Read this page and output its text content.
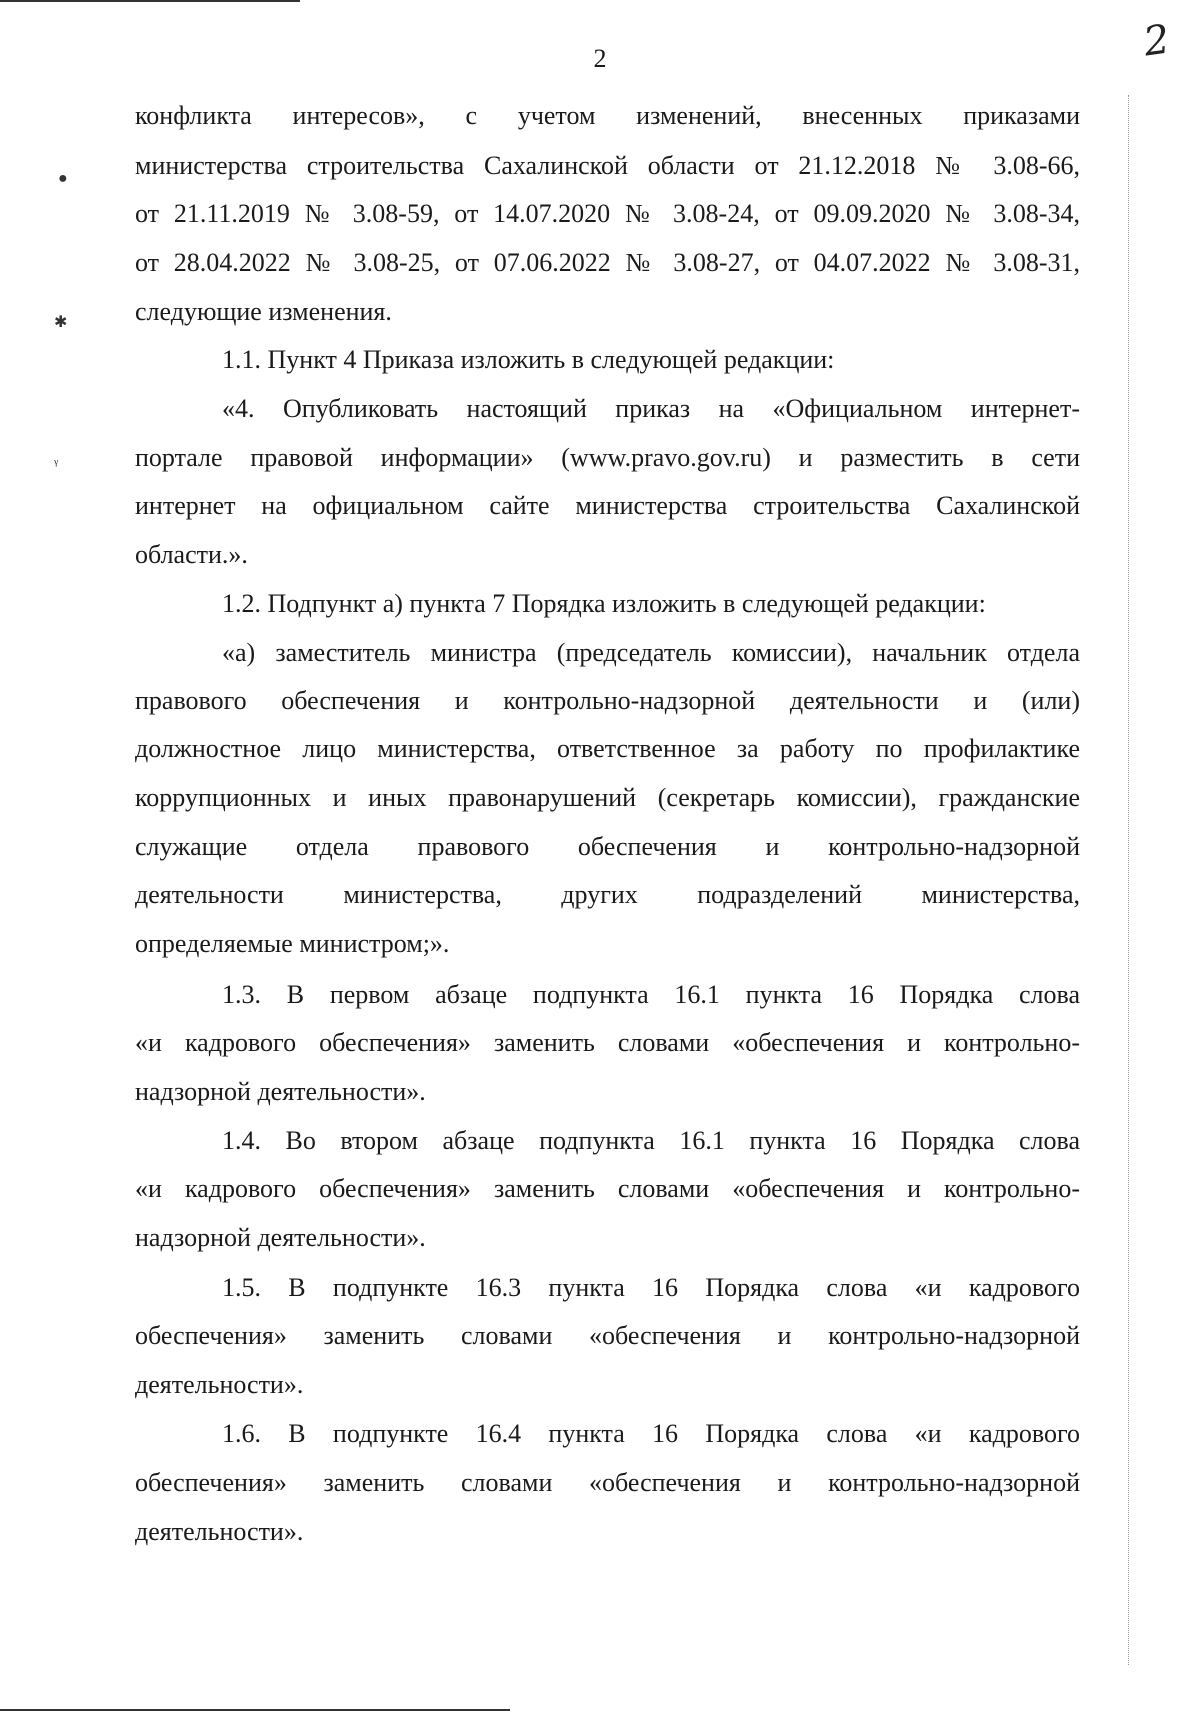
●
✱
ᵞ
2	2
конфликта интересов», с учетом изменений, внесенных приказами
министерства строительства Сахалинской области от 21.12.2018 № 3.08-66,
от 21.11.2019 № 3.08-59, от 14.07.2020 № 3.08-24, от 09.09.2020 № 3.08-34,
от 28.04.2022 № 3.08-25, от 07.06.2022 № 3.08-27, от 04.07.2022 № 3.08-31,
следующие изменения.
1.1. Пункт 4 Приказа изложить в следующей редакции:
«4. Опубликовать настоящий приказ на «Официальном интернет-
портале правовой информации» (www.pravo.gov.ru) и разместить в сети
интернет на официальном сайте министерства строительства Сахалинской
области.».
1.2. Подпункт а) пункта 7 Порядка изложить в следующей редакции:
«а) заместитель министра (председатель комиссии), начальник отдела
правового обеспечения и контрольно-надзорной деятельности и (или)
должностное лицо министерства, ответственное за работу по профилактике
коррупционных и иных правонарушений (секретарь комиссии), гражданские
служащие отдела правового обеспечения и контрольно-надзорной
деятельности министерства, других подразделений министерства,
определяемые министром;».
1.3. В первом абзаце подпункта 16.1 пункта 16 Порядка слова
«и кадрового обеспечения» заменить словами «обеспечения и контрольно-
надзорной деятельности».
1.4. Во втором абзаце подпункта 16.1 пункта 16 Порядка слова
«и кадрового обеспечения» заменить словами «обеспечения и контрольно-
надзорной деятельности».
1.5. В подпункте 16.3 пункта 16 Порядка слова «и кадрового
обеспечения» заменить словами «обеспечения и контрольно-надзорной
деятельности».
1.6. В подпункте 16.4 пункта 16 Порядка слова «и кадрового
обеспечения» заменить словами «обеспечения и контрольно-надзорной
деятельности».
